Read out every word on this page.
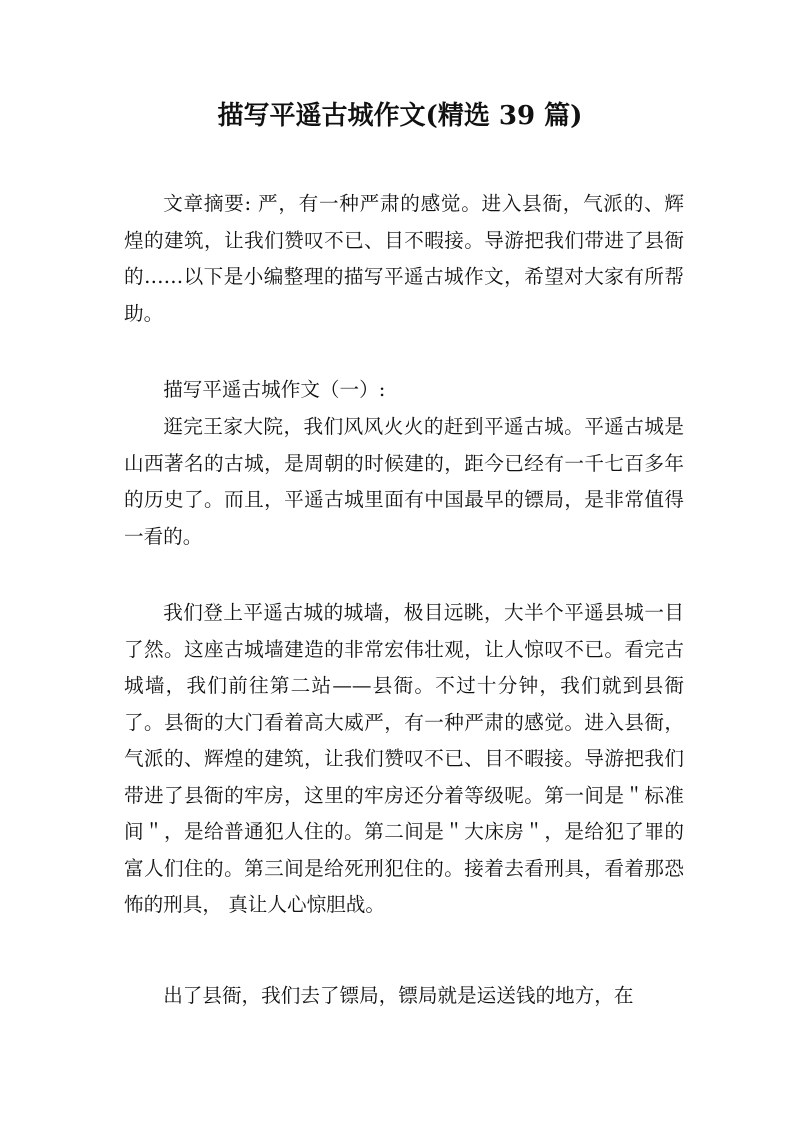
描写平遥古城作文(精选 39 篇)
文章摘要: 严，有一种严肃的感觉。进入县衙，气派的、辉煌的建筑，让我们赞叹不已、目不暇接。导游把我们带进了县衙的……以下是小编整理的描写平遥古城作文，希望对大家有所帮助。
描写平遥古城作文（一）:
逛完王家大院，我们风风火火的赶到平遥古城。平遥古城是山西著名的古城，是周朝的时候建的，距今已经有一千七百多年的历史了。而且，平遥古城里面有中国最早的镖局，是非常值得一看的。
我们登上平遥古城的城墙，极目远眺，大半个平遥县城一目了然。这座古城墙建造的非常宏伟壮观，让人惊叹不已。看完古城墙，我们前往第二站——县衙。不过十分钟，我们就到县衙了。县衙的大门看着高大威严，有一种严肃的感觉。进入县衙，气派的、辉煌的建筑，让我们赞叹不已、目不暇接。导游把我们带进了县衙的牢房，这里的牢房还分着等级呢。第一间是＂标准间＂，是给普通犯人住的。第二间是＂大床房＂，是给犯了罪的富人们住的。第三间是给死刑犯住的。接着去看刑具，看着那恐怖的刑具， 真让人心惊胆战。
出了县衙，我们去了镖局，镖局就是运送钱的地方，在
